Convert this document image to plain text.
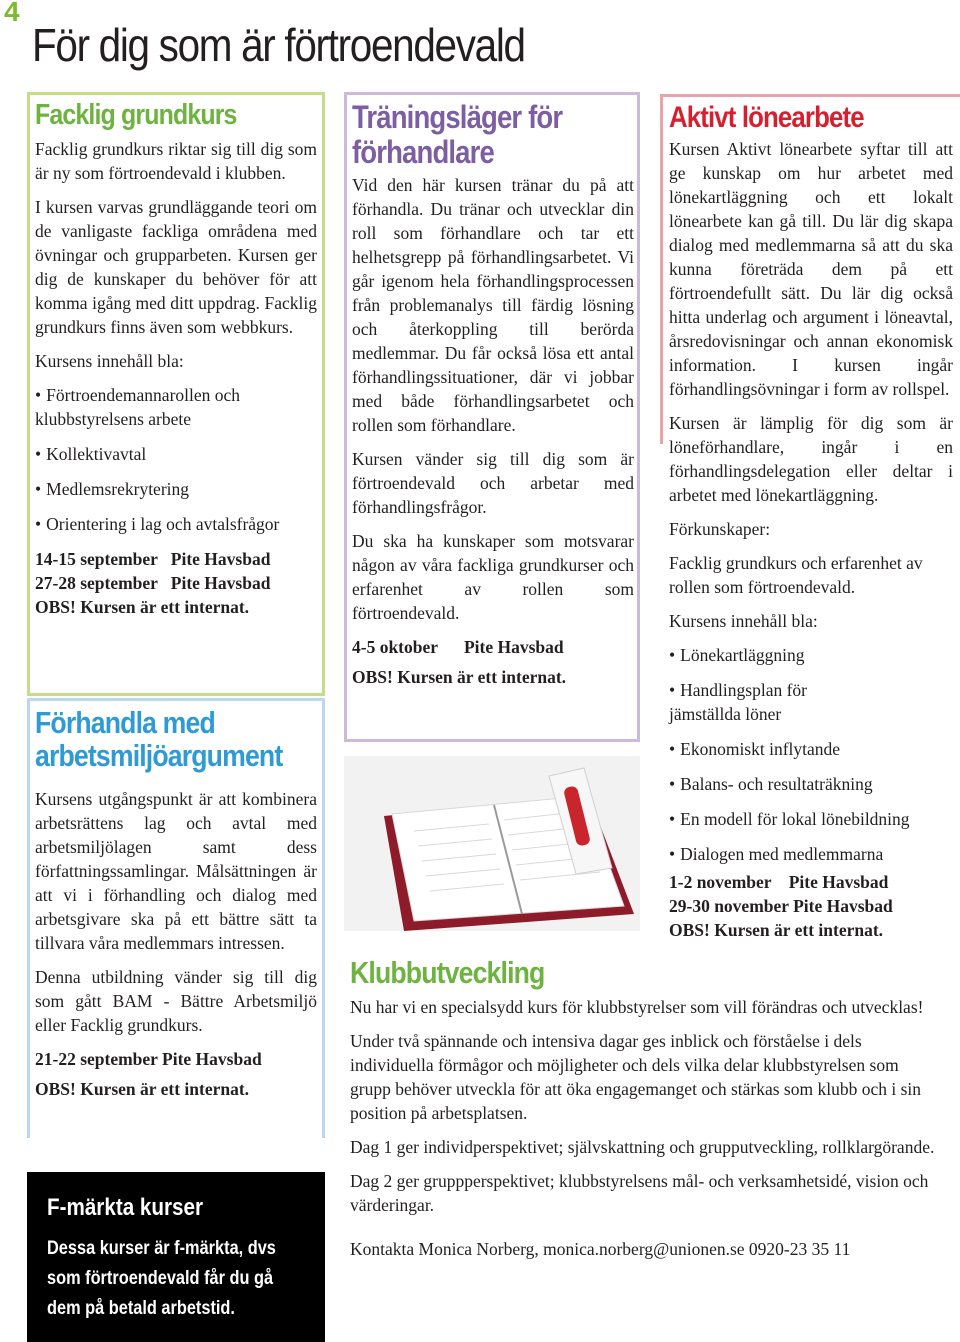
4
För dig som är förtroendevald
Facklig grundkurs

Facklig grundkurs riktar sig till dig som är ny som förtroendevald i klubben.

I kursen varvas grundläggande teori om de vanligaste fackliga områdena med övningar och grupparbeten. Kursen ger dig de kunskaper du behöver för att komma igång med ditt uppdrag. Facklig grundkurs finns även som webbkurs.

Kursens innehåll bla:

• Förtroendemannarollen och klubbstyrelsens arbete
• Kollektivavtal
• Medlemsrekrytering
• Orientering i lag och avtalsfrågor

14-15 september   Pite Havsbad

27-28 september   Pite Havsbad

OBS! Kursen är ett internat.

Förhandla med
arbetsmiljöargument

Kursens utgångspunkt är att kombinera arbetsrättens lag och avtal med arbetsmiljölagen samt dess författningssamlingar. Målsättningen är att vi i förhandling och dialog med arbetsgivare ska på ett bättre sätt ta tillvara våra medlemmars intressen.

Denna utbildning vänder sig till dig som gått BAM - Bättre Arbetsmiljö eller Facklig grundkurs.

21-22 september Pite Havsbad

OBS! Kursen är ett internat.

F-märkta kurser
Dessa kurser är f-märkta, dvs
som förtroendevald får du gå
dem på betald arbetstid.
Träningsläger för
förhandlare

Vid den här kursen tränar du på att förhandla. Du tränar och utvecklar din roll som förhandlare och tar ett helhetsgrepp på förhandlingsarbetet. Vi går igenom hela förhandlingsprocessen från problemanalys till färdig lösning och återkoppling till berörda medlemmar. Du får också lösa ett antal förhandlingssituationer, där vi jobbar med både förhandlingsarbetet och rollen som förhandlare.

Kursen vänder sig till dig som är förtroendevald och arbetar med förhandlingsfrågor.

Du ska ha kunskaper som motsvarar någon av våra fackliga grundkurser och erfarenhet av rollen som förtroendevald.

4-5 oktober      Pite Havsbad

OBS! Kursen är ett internat.

Aktivt lönearbete

Kursen Aktivt lönearbete syftar till att ge kunskap om hur arbetet med lönekartläggning och ett lokalt lönearbete kan gå till. Du lär dig skapa dialog med medlemmarna så att du ska kunna företräda dem på ett förtroendefullt sätt. Du lär dig också hitta underlag och argument i löneavtal, årsredovisningar och annan ekonomisk information. I kursen ingår förhandlingsövningar i form av rollspel.

Kursen är lämplig för dig som är löneförhandlare, ingår i en förhandlingsdelegation eller deltar i arbetet med lönekartläggning.

Förkunskaper:

Facklig grundkurs och erfarenhet av rollen som förtroendevald.

Kursens innehåll bla:

• Lönekartläggning
• Handlingsplan för jämställda löner
• Ekonomiskt inflytande
• Balans- och resultaträkning
• En modell för lokal lönebildning
• Dialogen med medlemmarna

1-2 november    Pite Havsbad

29-30 november Pite Havsbad

OBS! Kursen är ett internat.

Klubbutveckling

Nu har vi en specialsydd kurs för klubbstyrelser som vill förändras och utvecklas!

Under två spännande och intensiva dagar ges inblick och förståelse i dels individuella förmågor och möjligheter och dels vilka delar klubbstyrelsen som grupp behöver utveckla för att öka engagemanget och stärkas som klubb och i sin position på arbetsplatsen.

Dag 1 ger individperspektivet; självskattning och grupputveckling, rollklargörande.

Dag 2 ger gruppperspektivet; klubbstyrelsens mål- och verksamhetsidé, vision och värderingar.

Kontakta Monica Norberg, monica.norberg@unionen.se 0920-23 35 11
